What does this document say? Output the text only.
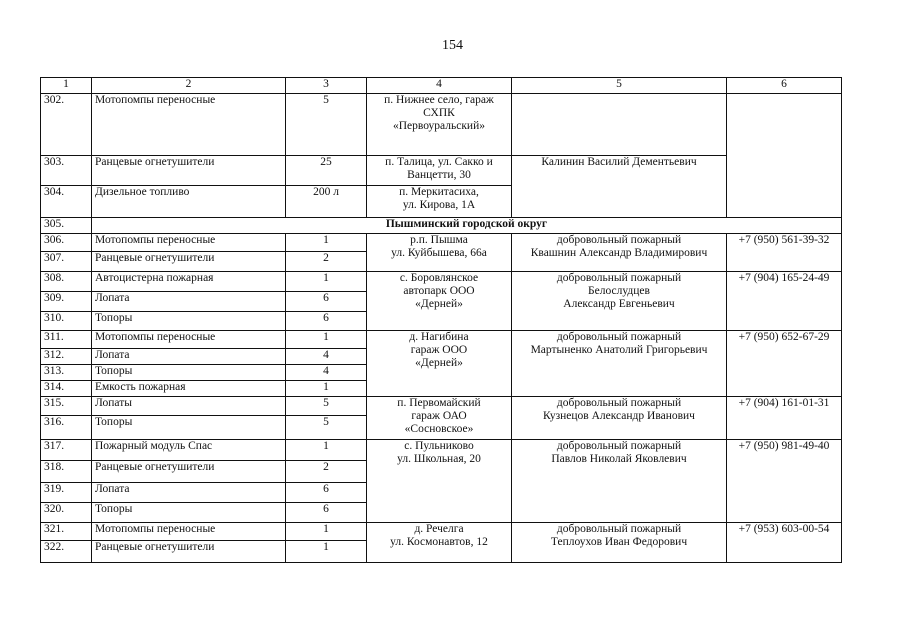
154
1	2	3	4	5	6
302.	Мотопомпы переносные	5	п. Нижнее село, гараж
СХПК
«Первоуральский»		
303.	Ранцевые огнетушители	25	п. Талица, ул. Сакко и
Ванцетти, 30	Калинин Василий Дементьевич	
304.	Дизельное топливо	200 л	п. Меркитасиха,
ул. Кирова, 1А		
305.	Пышминский городской округ				
306.	Мотопомпы переносные	1	р.п. Пышма
ул. Куйбышева, 66а	добровольный пожарный
Квашнин Александр Владимирович	+7 (950) 561-39-32
307.	Ранцевые огнетушители	2			
308.	Автоцистерна пожарная	1	с. Боровлянское
автопарк ООО
«Дерней»	добровольный пожарный
Белослудцев
Александр Евгеньевич	+7 (904) 165-24-49
309.	Лопата	6			
310.	Топоры	6			
311.	Мотопомпы переносные	1	д. Нагибина
гараж ООО
«Дерней»	добровольный пожарный
Мартыненко Анатолий Григорьевич	+7 (950) 652-67-29
312.	Лопата	4			
313.	Топоры	4			
314.	Емкость пожарная	1			
315.	Лопаты	5	п. Первомайский
гараж ОАО
«Сосновское»	добровольный пожарный
Кузнецов Александр Иванович	+7 (904) 161-01-31
316.	Топоры	5			
317.	Пожарный модуль Спас	1	с. Пульниково
ул. Школьная, 20	добровольный пожарный
Павлов Николай Яковлевич	+7 (950) 981-49-40
318.	Ранцевые огнетушители	2			
319.	Лопата	6			
320.	Топоры	6			
321.	Мотопомпы переносные	1	д. Речелга
ул. Космонавтов, 12	добровольный пожарный
Теплоухов Иван Федорович	+7 (953) 603-00-54
322.	Ранцевые огнетушители	1			
